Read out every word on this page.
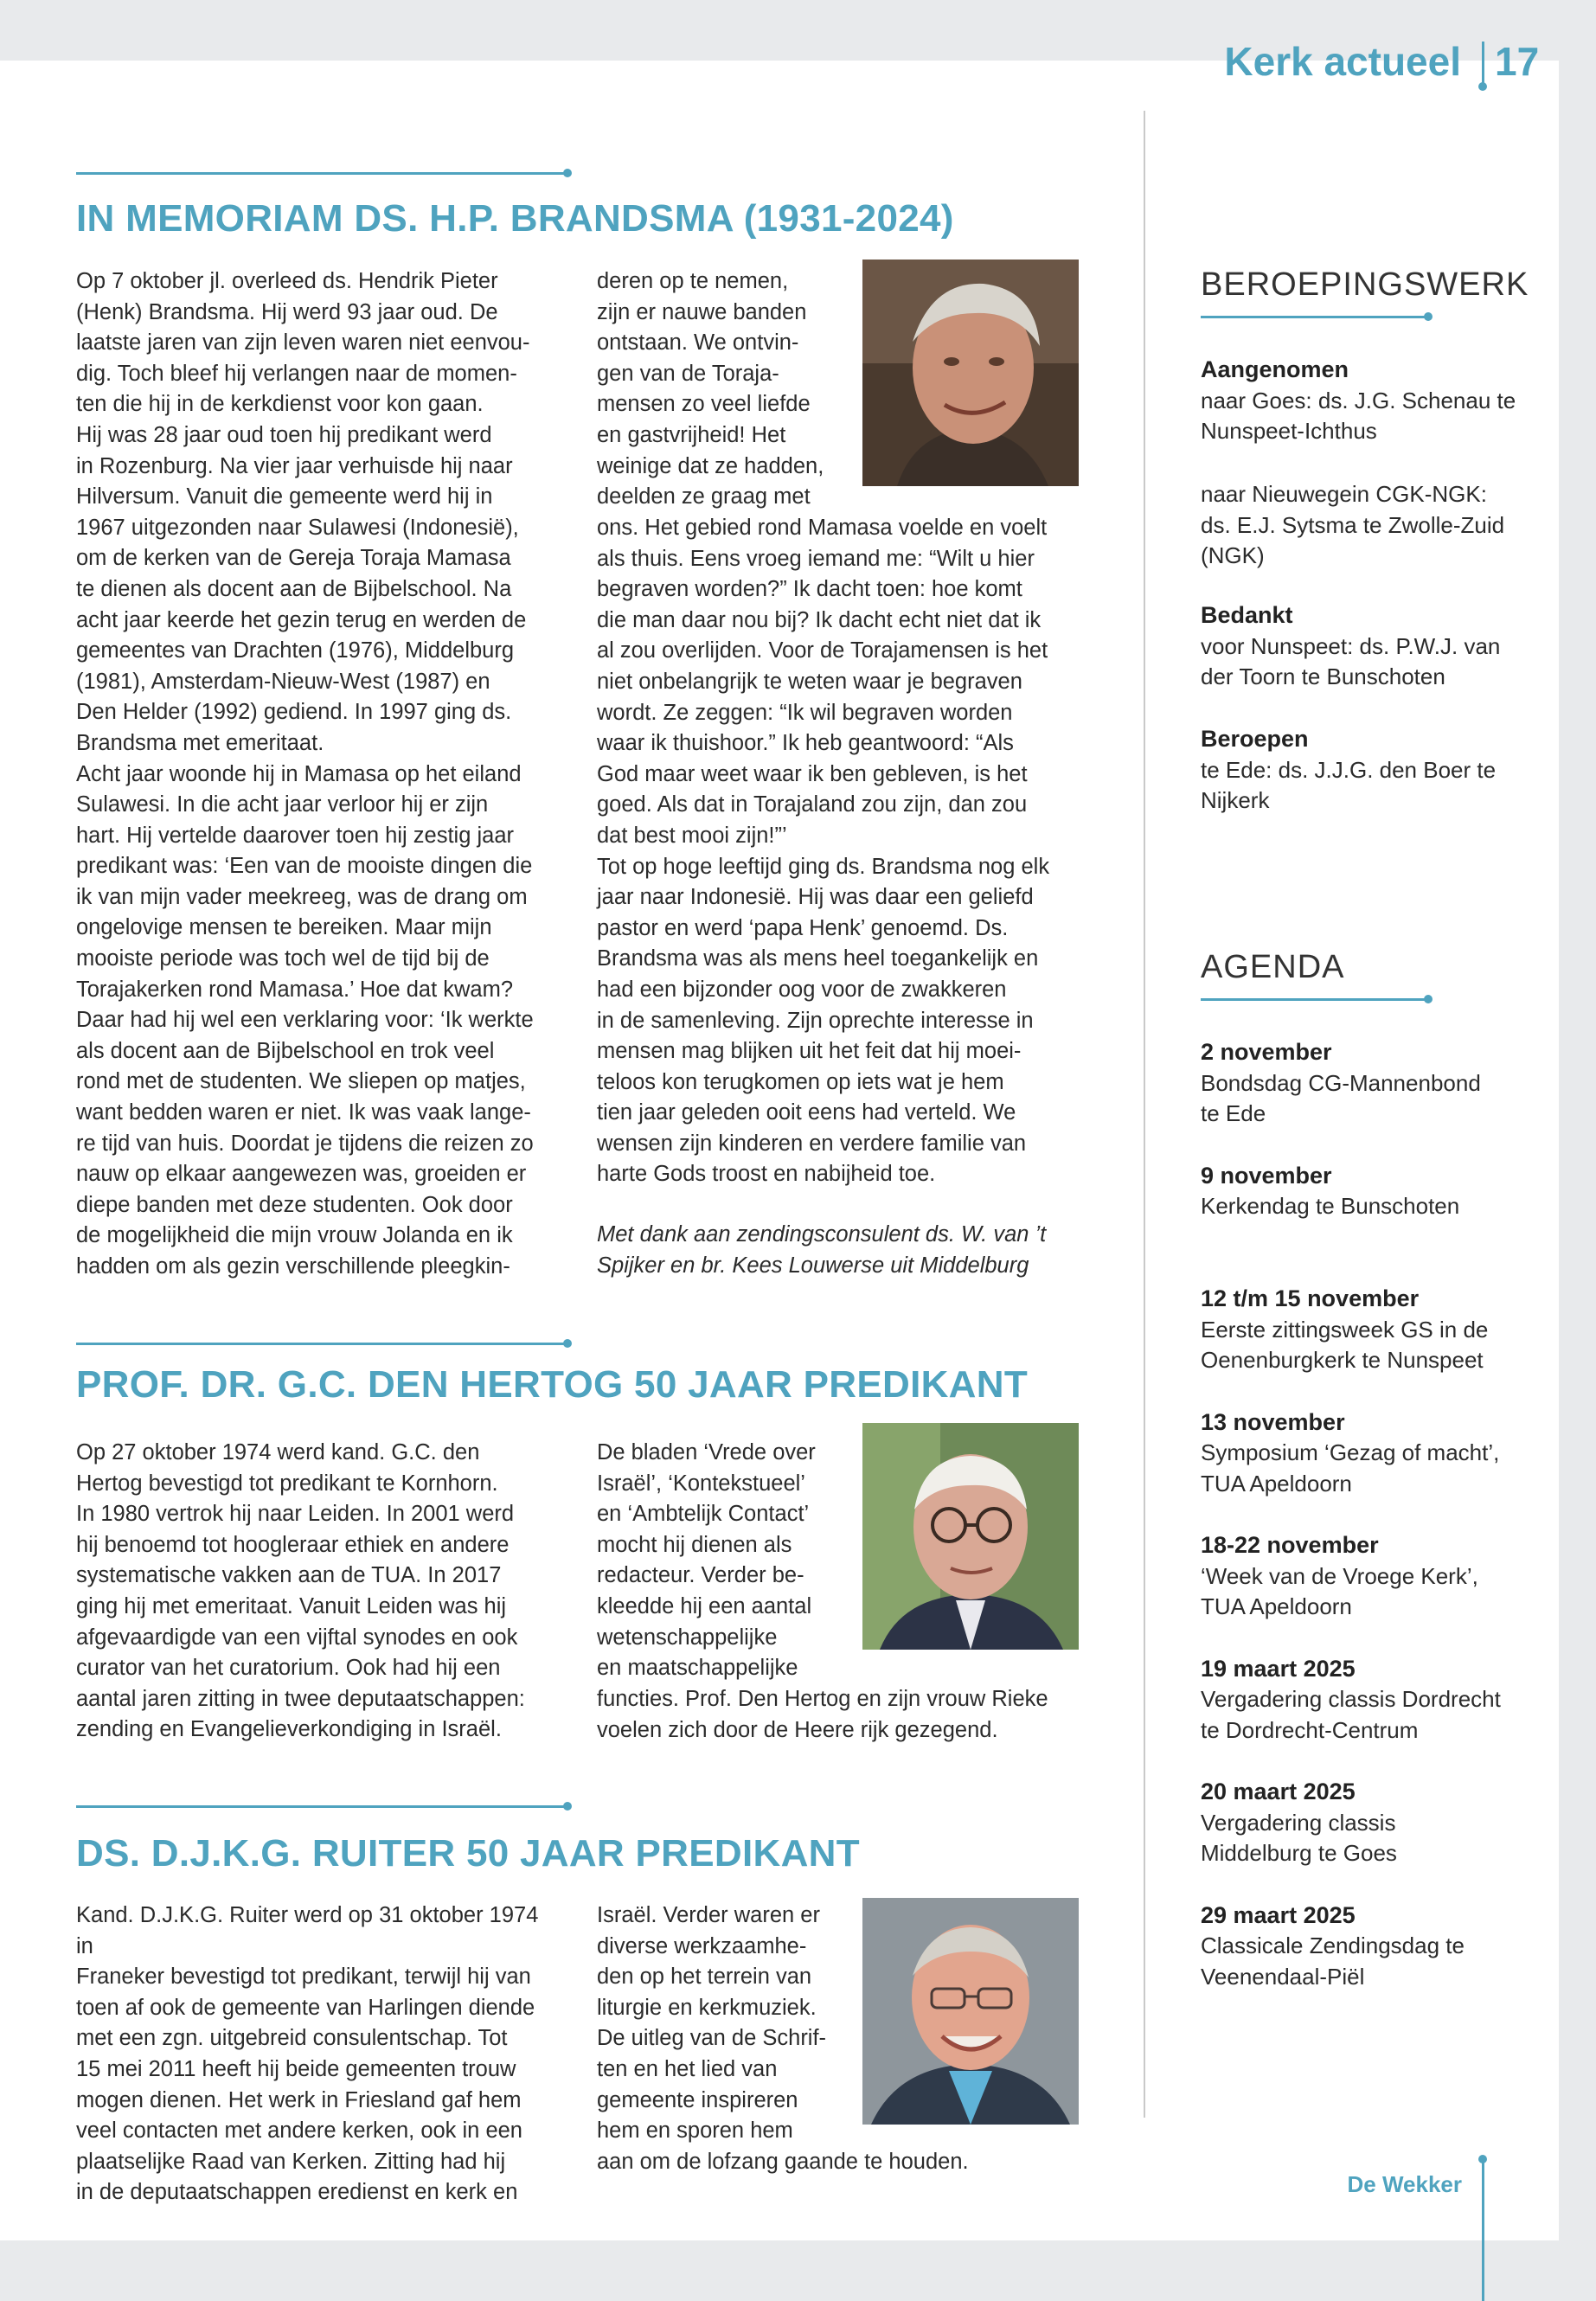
Kerk actueel 17
IN MEMORIAM DS. H.P. BRANDSMA (1931-2024)

Op 7 oktober jl. overleed ds. Hendrik Pieter

(Henk) Brandsma. Hij werd 93 jaar oud. De

laatste jaren van zijn leven waren niet eenvou-

dig. Toch bleef hij verlangen naar de momen-

ten die hij in de kerkdienst voor kon gaan.

Hij was 28 jaar oud toen hij predikant werd

in Rozenburg. Na vier jaar verhuisde hij naar

Hilversum. Vanuit die gemeente werd hij in

1967 uitgezonden naar Sulawesi (Indonesië),

om de kerken van de Gereja Toraja Mamasa

te dienen als docent aan de Bijbelschool. Na

acht jaar keerde het gezin terug en werden de

gemeentes van Drachten (1976), Middelburg

(1981), Amsterdam-Nieuw-West (1987) en

Den Helder (1992) gediend. In 1997 ging ds.

Brandsma met emeritaat.

Acht jaar woonde hij in Mamasa op het eiland

Sulawesi. In die acht jaar verloor hij er zijn

hart. Hij vertelde daarover toen hij zestig jaar

predikant was: ‘Een van de mooiste dingen die

ik van mijn vader meekreeg, was de drang om

ongelovige mensen te bereiken. Maar mijn

mooiste periode was toch wel de tijd bij de

Torajakerken rond Mamasa.’ Hoe dat kwam?

Daar had hij wel een verklaring voor: ‘Ik werkte

als docent aan de Bijbelschool en trok veel

rond met de studenten. We sliepen op matjes,

want bedden waren er niet. Ik was vaak lange-

re tijd van huis. Doordat je tijdens die reizen zo

nauw op elkaar aangewezen was, groeiden er

diepe banden met deze studenten. Ook door

de mogelijkheid die mijn vrouw Jolanda en ik

hadden om als gezin verschillende pleegkin-

deren op te nemen,

zijn er nauwe banden

ontstaan. We ontvin-

gen van de Toraja-

mensen zo veel liefde

en gastvrijheid! Het

weinige dat ze hadden,

deelden ze graag met

ons. Het gebied rond Mamasa voelde en voelt

als thuis. Eens vroeg iemand me: “Wilt u hier

begraven worden?” Ik dacht toen: hoe komt

die man daar nou bij? Ik dacht echt niet dat ik

al zou overlijden. Voor de Torajamensen is het

niet onbelangrijk te weten waar je begraven

wordt. Ze zeggen: “Ik wil begraven worden

waar ik thuishoor.” Ik heb geantwoord: “Als

God maar weet waar ik ben gebleven, is het

goed. Als dat in Torajaland zou zijn, dan zou

dat best mooi zijn!”’

Tot op hoge leeftijd ging ds. Brandsma nog elk

jaar naar Indonesië. Hij was daar een geliefd

pastor en werd ‘papa Henk’ genoemd. Ds.

Brandsma was als mens heel toegankelijk en

had een bijzonder oog voor de zwakkeren

in de samenleving. Zijn oprechte interesse in

mensen mag blijken uit het feit dat hij moei-

teloos kon terugkomen op iets wat je hem

tien jaar geleden ooit eens had verteld. We

wensen zijn kinderen en verdere familie van

harte Gods troost en nabijheid toe.

Met dank aan zendingsconsulent ds. W. van ’t

Spijker en br. Kees Louwerse uit Middelburg

PROF. DR. G.C. DEN HERTOG 50 JAAR PREDIKANT

Op 27 oktober 1974 werd kand. G.C. den

Hertog bevestigd tot predikant te Kornhorn.

In 1980 vertrok hij naar Leiden. In 2001 werd

hij benoemd tot hoogleraar ethiek en andere

systematische vakken aan de TUA. In 2017

ging hij met emeritaat. Vanuit Leiden was hij

afgevaardigde van een vijftal synodes en ook

curator van het curatorium. Ook had hij een

aantal jaren zitting in twee deputaatschappen:

zending en Evangelieverkondiging in Israël.

De bladen ‘Vrede over

Israël’, ‘Kontekstueel’

en ‘Ambtelijk Contact’

mocht hij dienen als

redacteur. Verder be-

kleedde hij een aantal

wetenschappelijke

en maatschappelijke

functies. Prof. Den Hertog en zijn vrouw Rieke

voelen zich door de Heere rijk gezegend.

DS. D.J.K.G. RUITER 50 JAAR PREDIKANT

Kand. D.J.K.G. Ruiter werd op 31 oktober 1974 in

Franeker bevestigd tot predikant, terwijl hij van

toen af ook de gemeente van Harlingen diende

met een zgn. uitgebreid consulentschap. Tot

15 mei 2011 heeft hij beide gemeenten trouw

mogen dienen. Het werk in Friesland gaf hem

veel contacten met andere kerken, ook in een

plaatselijke Raad van Kerken. Zitting had hij

in de deputaatschappen eredienst en kerk en

Israël. Verder waren er

diverse werkzaamhe-

den op het terrein van

liturgie en kerkmuziek.

De uitleg van de Schrif-

ten en het lied van

gemeente inspireren

hem en sporen hem

aan om de lofzang gaande te houden.

BEROEPINGSWERK
Aangenomen
naar Goes: ds. J.G. Schenau te
Nunspeet-Ichthus
naar Nieuwegein CGK-NGK:
ds. E.J. Sytsma te Zwolle-Zuid
(NGK)
Bedankt
voor Nunspeet: ds. P.W.J. van
der Toorn te Bunschoten
Beroepen
te Ede: ds. J.J.G. den Boer te
Nijkerk
AGENDA
2 november
Bondsdag CG-Mannenbond
te Ede
9 november
Kerkendag te Bunschoten
12 t/m 15 november
Eerste zittingsweek GS in de
Oenenburgkerk te Nunspeet
13 november
Symposium ‘Gezag of macht’,
TUA Apeldoorn
18-22 november
‘Week van de Vroege Kerk’,
TUA Apeldoorn
19 maart 2025
Vergadering classis Dordrecht
te Dordrecht-Centrum
20 maart 2025
Vergadering classis
Middelburg te Goes
29 maart 2025
Classicale Zendingsdag te
Veenendaal-Piël
De Wekker
